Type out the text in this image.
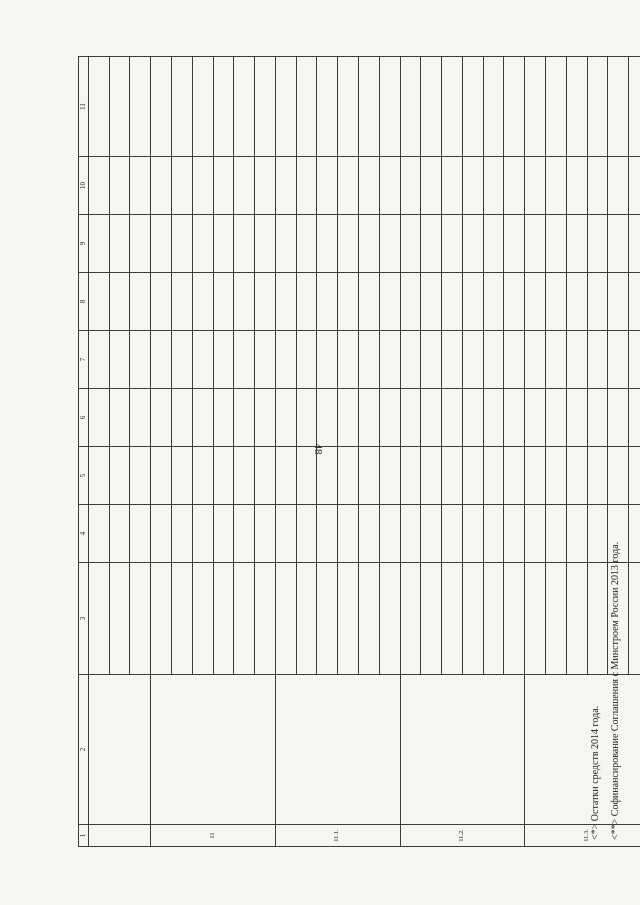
48
1	2	3	4	5	6	7	8	9	10	11

11										

11.1.										

11.2.										

11.3.										

								<*> Остатки средств 2014 года. <**> Софинансирование Соглашения с Минстроем России 2013 года.
